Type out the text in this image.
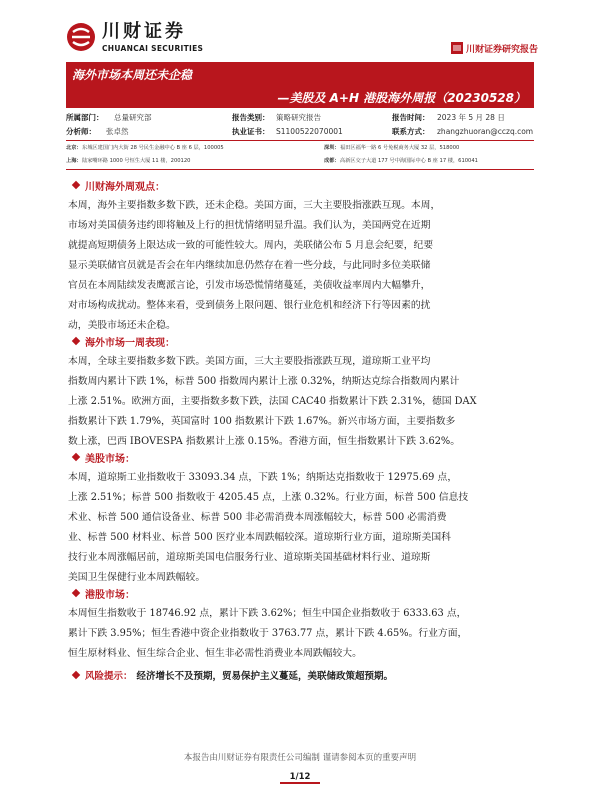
川财证券
CHUANCAI SECURITIES	川财证券研究报告
海外市场本周还未企稳
—美股及 A+H 港股海外周报（20230528）
所属部门： 总量研究部	报告类别： 策略研究报告	报告时间： 2023 年 5 月 28 日
分析师： 张卓然	执业证书： S1100522070001	联系方式： zhangzhuoran@cczq.com
北京： 东城区建国门内大街 28 号民生金融中心 B 座 6 层，100005	深圳： 福田区福华一路 6 号免税商务大厦 32 层，518000
上海： 陆家嘴环路 1000 号恒生大厦 11 楼，200120	成都： 高新区交子大道 177 号中海国际中心 B 座 17 楼，610041
川财海外周观点：
本周，海外主要指数多数下跌，还未企稳。美国方面，三大主要股指涨跌互现。本周，
市场对美国债务违约即将触及上行的担忧情绪明显升温。我们认为，美国两党在近期
就提高短期债务上限达成一致的可能性较大。周内，美联储公布 5 月息会纪要，纪要
显示美联储官员就是否会在年内继续加息仍然存在着一些分歧，与此同时多位美联储
官员在本周陆续发表鹰派言论，引发市场恐慌情绪蔓延，美债收益率周内大幅攀升，
对市场构成扰动。整体来看，受到债务上限问题、银行业危机和经济下行等因素的扰
动，美股市场还未企稳。
海外市场一周表现：
本周，全球主要指数多数下跌。美国方面，三大主要股指涨跌互现，道琼斯工业平均
指数周内累计下跌 1%，标普 500 指数周内累计上涨 0.32%，纳斯达克综合指数周内累计
上涨 2.51%。欧洲方面，主要指数多数下跌，法国 CAC40 指数累计下跌 2.31%，德国 DAX
指数累计下跌 1.79%，英国富时 100 指数累计下跌 1.67%。新兴市场方面，主要指数多
数上涨，巴西 IBOVESPA 指数累计上涨 0.15%。香港方面，恒生指数累计下跌 3.62%。
美股市场：
本周，道琼斯工业指数收于 33093.34 点，下跌 1%；纳斯达克指数收于 12975.69 点，
上涨 2.51%；标普 500 指数收于 4205.45 点，上涨 0.32%。行业方面，标普 500 信息技
术业、标普 500 通信设备业、标普 500 非必需消费本周涨幅较大，标普 500 必需消费
业、标普 500 材料业、标普 500 医疗业本周跌幅较深。道琼斯行业方面，道琼斯美国科
技行业本周涨幅居前，道琼斯美国电信服务行业、道琼斯美国基础材料行业、道琼斯
美国卫生保健行业本周跌幅较。
港股市场：
本周恒生指数收于 18746.92 点，累计下跌 3.62%；恒生中国企业指数收于 6333.63 点，
累计下跌 3.95%；恒生香港中资企业指数收于 3763.77 点，累计下跌 4.65%。行业方面，
恒生原材料业、恒生综合企业、恒生非必需性消费业本周跌幅较大。
风险提示： 经济增长不及预期，贸易保护主义蔓延，美联储政策超预期。
本报告由川财证券有限责任公司编制 谨请参阅本页的重要声明
1/12
